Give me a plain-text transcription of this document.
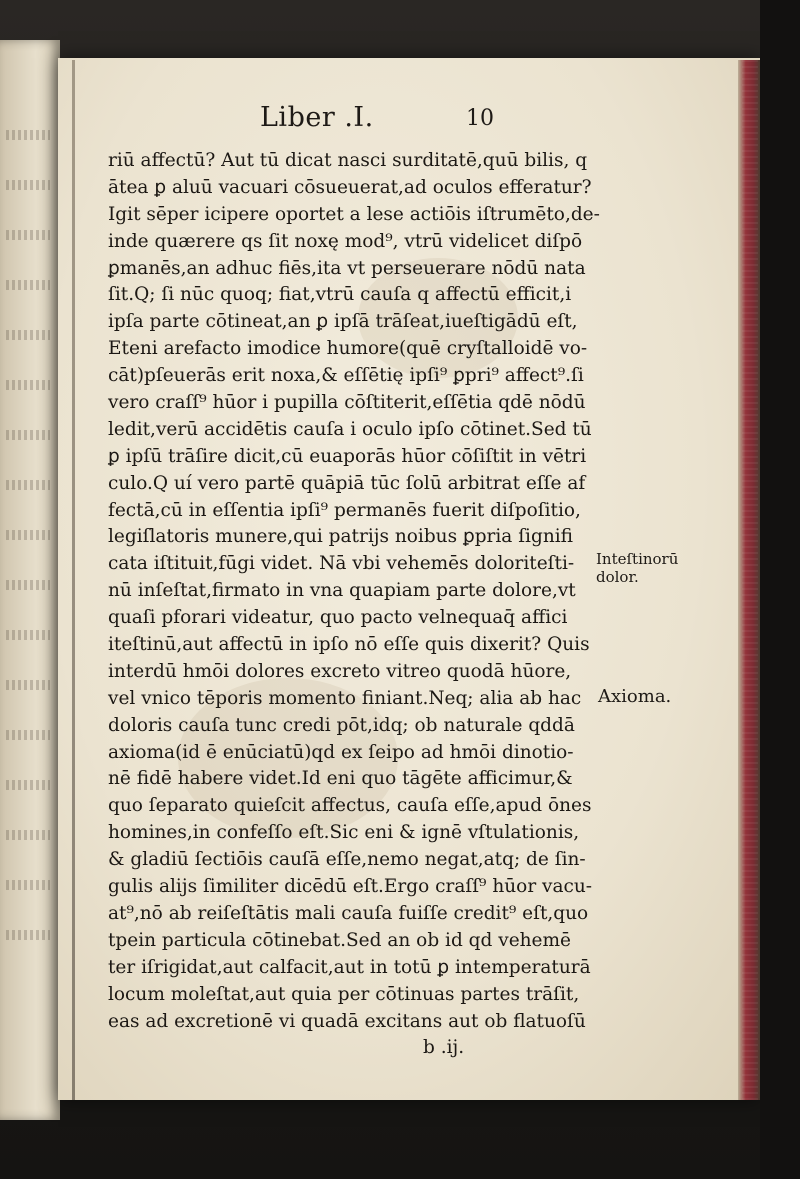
Liber .I.	10
riū affectū? Aut tū dicat nasci surditatē,quū bilis, q
ātea ꝑ aluū vacuari cōsueuerat,ad oculos efferatur?
Igit sēper icipere oportet a lese actiōis iſtrumēto,de-
inde quærere qs ſit noxę mod⁹, vtrū videlicet diſpō
ꝑmanēs,an adhuc fiēs,ita vt perseuerare nōdū nata
ſit.Q; ſi nūc quoq; fiat,vtrū cauſa q affectū efficit,i
ipſa parte cōtineat,an ꝑ ipſā trāſeat,iueſtigādū eſt,
Eteni arefacto imodice humore(quē cryſtalloidē vo-
cāt)pſeuerās erit noxa,& eſſētię ipſi⁹ ꝑpri⁹ affect⁹.ſi
vero craſſ⁹ hūor i pupilla cōſtiterit,eſſētia qdē nōdū
ledit,verū accidētis cauſa i oculo ipſo cōtinet.Sed tū
ꝑ ipſū trāſire dicit,cū euaporās hūor cōſiſtit in vētri
culo.Q uí vero partē quāpiā tūc ſolū arbitrat eſſe af
fectā,cū in eſſentia ipſi⁹ permanēs fuerit diſpoſitio,
legiſlatoris munere,qui patrijs noibus ꝑpria ſignifi
cata iſtituit,fūgi videt. Nā vbi vehemēs doloriteſti-
nū inſeſtat,firmato in vna quapiam parte dolore,vt
quaſi pforari videatur, quo pacto velnequaq̄ affici
iteſtinū,aut affectū in ipſo nō eſſe quis dixerit? Quis
interdū hmōi dolores excreto vitreo quodā hūore,
vel vnico tēporis momento finiant.Neq; alia ab hac
doloris cauſa tunc credi pōt,idq; ob naturale qddā
axioma(id ē enūciatū)qd ex ſeipo ad hmōi dinotio-
nē fidē habere videt.Id eni quo tāgēte afficimur,&
quo ſeparato quieſcit affectus, cauſa eſſe,apud ōnes
homines,in confeſſo eſt.Sic eni & ignē vſtulationis,
& gladiū ſectiōis cauſā eſſe,nemo negat,atq; de ſin-
gulis alijs ſimiliter dicēdū eſt.Ergo craſſ⁹ hūor vacu-
at⁹,nō ab reiſeſtātis mali cauſa fuiſſe credit⁹ eſt,quo
tpein particula cōtinebat.Sed an ob id qd vehemē
ter iſrigidat,aut calfacit,aut in totū ꝑ intemperaturā
locum moleſtat,aut quia per cōtinuas partes trāſit,
eas ad excretionē vi quadā excitans aut ob flatuoſū
b .ij.
Inteſtinorū
dolor.
Axioma.
